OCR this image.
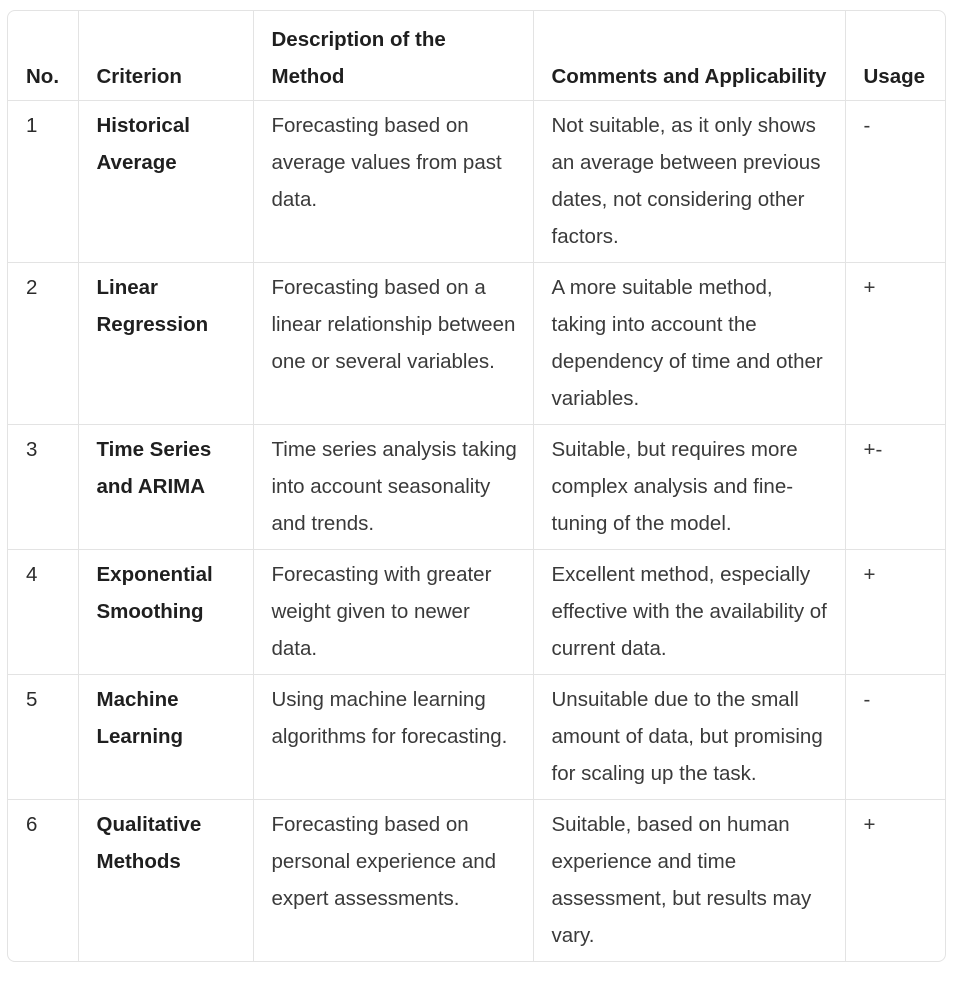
No.	Criterion	Description of the Method	Comments and Applicability	Usage
1	Historical Average	Forecasting based on average values from past data.	Not suitable, as it only shows an average between previous dates, not considering other factors.	-
2	Linear Regression	Forecasting based on a linear relationship between one or several variables.	A more suitable method, taking into account the dependency of time and other variables.	+
3	Time Series and ARIMA	Time series analysis taking into account seasonality and trends.	Suitable, but requires more complex analysis and fine-tuning of the model.	+-
4	Exponential Smoothing	Forecasting with greater weight given to newer data.	Excellent method, especially effective with the availability of current data.	+
5	Machine Learning	Using machine learning algorithms for forecasting.	Unsuitable due to the small amount of data, but promising for scaling up the task.	-
6	Qualitative Methods	Forecasting based on personal experience and expert assessments.	Suitable, based on human experience and time assessment, but results may vary.	+
